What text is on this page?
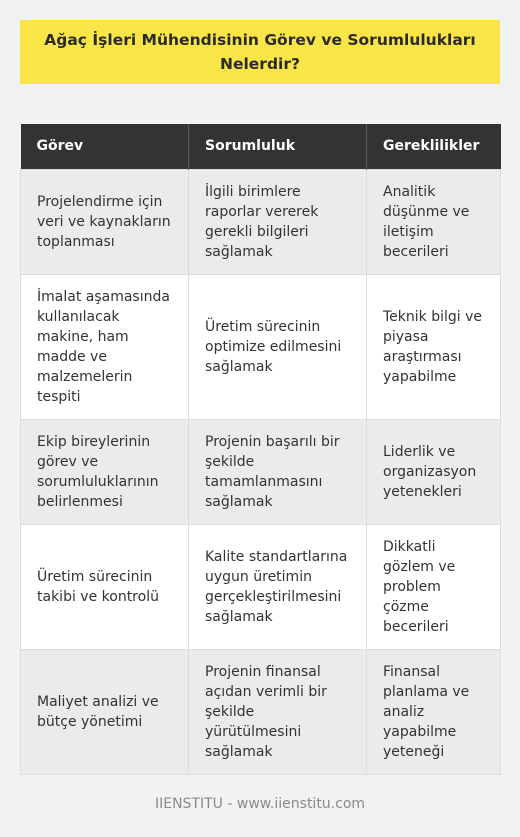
Ağaç İşleri Mühendisinin Görev ve Sorumlulukları Nelerdir?
Görev	Sorumluluk	Gereklilikler
Projelendirme için veri ve kaynakların toplanması	İlgili birimlere raporlar vererek gerekli bilgileri sağlamak	Analitik düşünme ve iletişim becerileri
İmalat aşamasında kullanılacak makine, ham madde ve malzemelerin tespiti	Üretim sürecinin optimize edilmesini sağlamak	Teknik bilgi ve piyasa araştırması yapabilme
Ekip bireylerinin görev ve sorumluluklarının belirlenmesi	Projenin başarılı bir şekilde tamamlanmasını sağlamak	Liderlik ve organizasyon yetenekleri
Üretim sürecinin takibi ve kontrolü	Kalite standartlarına uygun üretimin gerçekleştirilmesini sağlamak	Dikkatli gözlem ve problem çözme becerileri
Maliyet analizi ve bütçe yönetimi	Projenin finansal açıdan verimli bir şekilde yürütülmesini sağlamak	Finansal planlama ve analiz yapabilme yeteneği
IIENSTITU - www.iienstitu.com
